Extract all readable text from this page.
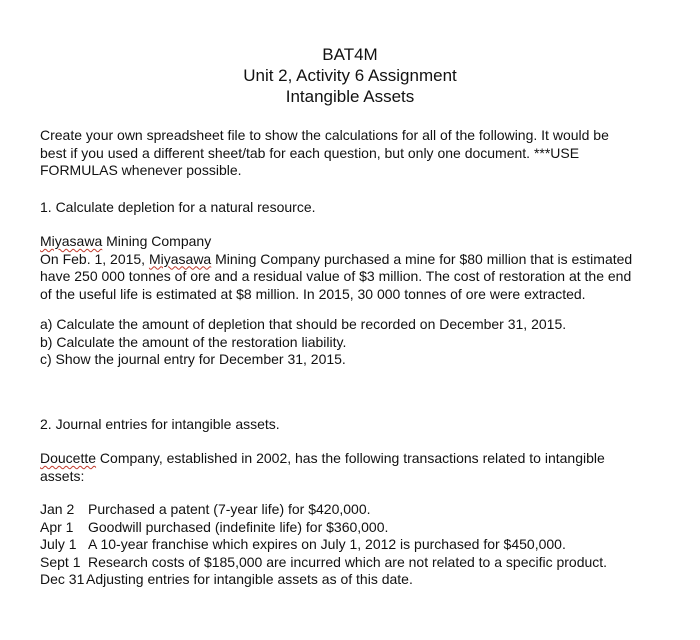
BAT4M
Unit 2, Activity 6 Assignment
Intangible Assets
Create your own spreadsheet file to show the calculations for all of the following. It would be
best if you used a different sheet/tab for each question, but only one document. ***USE
FORMULAS whenever possible.
1. Calculate depletion for a natural resource.
Miyasawa Mining Company
On Feb. 1, 2015, Miyasawa Mining Company purchased a mine for $80 million that is estimated
have 250 000 tonnes of ore and a residual value of $3 million. The cost of restoration at the end
of the useful life is estimated at $8 million. In 2015, 30 000 tonnes of ore were extracted.
a) Calculate the amount of depletion that should be recorded on December 31, 2015.
b) Calculate the amount of the restoration liability.
c) Show the journal entry for December 31, 2015.
2. Journal entries for intangible assets.
Doucette Company, established in 2002, has the following transactions related to intangible
assets:
Jan 2 Purchased a patent (7-year life) for $420,000.
Apr 1 Goodwill purchased (indefinite life) for $360,000.
July 1 A 10-year franchise which expires on July 1, 2012 is purchased for $450,000.
Sept 1 Research costs of $185,000 are incurred which are not related to a specific product.
Dec 31 Adjusting entries for intangible assets as of this date.
